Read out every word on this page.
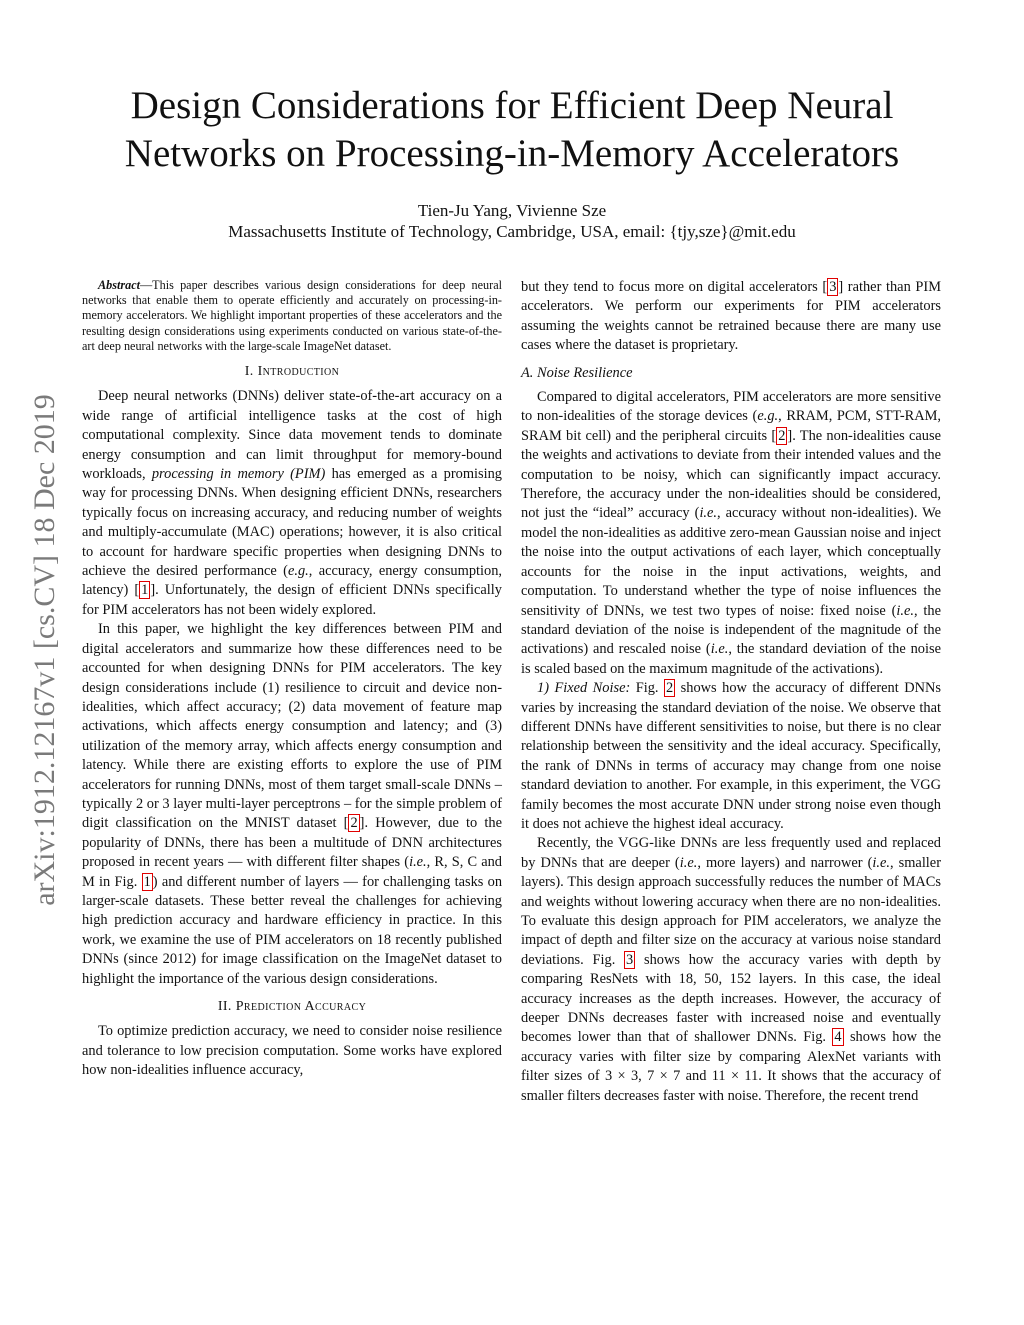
arXiv:1912.12167v1 [cs.CV] 18 Dec 2019
Design Considerations for Efficient Deep Neural
Networks on Processing-in-Memory Accelerators
Tien-Ju Yang, Vivienne Sze
Massachusetts Institute of Technology, Cambridge, USA, email: {tjy,sze}@mit.edu

Abstract—This paper describes various design considerations for deep neural networks that enable them to operate efficiently and accurately on processing-in-memory accelerators. We highlight important properties of these accelerators and the resulting design considerations using experiments conducted on various state-of-the-art deep neural networks with the large-scale ImageNet dataset.

I. Introduction

Deep neural networks (DNNs) deliver state-of-the-art accuracy on a wide range of artificial intelligence tasks at the cost of high computational complexity. Since data movement tends to dominate energy consumption and can limit throughput for memory-bound workloads, processing in memory (PIM) has emerged as a promising way for processing DNNs. When designing efficient DNNs, researchers typically focus on increasing accuracy, and reducing number of weights and multiply-accumulate (MAC) operations; however, it is also critical to account for hardware specific properties when designing DNNs to achieve the desired performance (e.g., accuracy, energy consumption, latency) [ 1 ]. Unfortunately, the design of efficient DNNs specifically for PIM accelerators has not been widely explored.

In this paper, we highlight the key differences between PIM and digital accelerators and summarize how these differences need to be accounted for when designing DNNs for PIM accelerators. The key design considerations include (1) resilience to circuit and device non-idealities, which affect accuracy; (2) data movement of feature map activations, which affects energy consumption and latency; and (3) utilization of the memory array, which affects energy consumption and latency. While there are existing efforts to explore the use of PIM accelerators for running DNNs, most of them target small-scale DNNs – typically 2 or 3 layer multi-layer perceptrons – for the simple problem of digit classification on the MNIST dataset [ 2 ]. However, due to the popularity of DNNs, there has been a multitude of DNN architectures proposed in recent years — with different filter shapes (i.e., R, S, C and M in Fig. 1 ) and different number of layers — for challenging tasks on larger-scale datasets. These better reveal the challenges for achieving high prediction accuracy and hardware efficiency in practice. In this work, we examine the use of PIM accelerators on 18 recently published DNNs (since 2012) for image classification on the ImageNet dataset to highlight the importance of the various design considerations.

II. Prediction Accuracy

To optimize prediction accuracy, we need to consider noise resilience and tolerance to low precision computation. Some works have explored how non-idealities influence accuracy,

but they tend to focus more on digital accelerators [ 3 ] rather than PIM accelerators. We perform our experiments for PIM accelerators assuming the weights cannot be retrained because there are many use cases where the dataset is proprietary.

A. Noise Resilience

Compared to digital accelerators, PIM accelerators are more sensitive to non-idealities of the storage devices (e.g., RRAM, PCM, STT-RAM, SRAM bit cell) and the peripheral circuits [ 2 ]. The non-idealities cause the weights and activations to deviate from their intended values and the computation to be noisy, which can significantly impact accuracy. Therefore, the accuracy under the non-idealities should be considered, not just the “ideal” accuracy (i.e., accuracy without non-idealities). We model the non-idealities as additive zero-mean Gaussian noise and inject the noise into the output activations of each layer, which conceptually accounts for the noise in the input activations, weights, and computation. To understand whether the type of noise influences the sensitivity of DNNs, we test two types of noise: fixed noise (i.e., the standard deviation of the noise is independent of the magnitude of the activations) and rescaled noise (i.e., the standard deviation of the noise is scaled based on the maximum magnitude of the activations).

1) Fixed Noise: Fig. 2 shows how the accuracy of different DNNs varies by increasing the standard deviation of the noise. We observe that different DNNs have different sensitivities to noise, but there is no clear relationship between the sensitivity and the ideal accuracy. Specifically, the rank of DNNs in terms of accuracy may change from one noise standard deviation to another. For example, in this experiment, the VGG family becomes the most accurate DNN under strong noise even though it does not achieve the highest ideal accuracy.

Recently, the VGG-like DNNs are less frequently used and replaced by DNNs that are deeper (i.e., more layers) and narrower (i.e., smaller layers). This design approach successfully reduces the number of MACs and weights without lowering accuracy when there are no non-idealities. To evaluate this design approach for PIM accelerators, we analyze the impact of depth and filter size on the accuracy at various noise standard deviations. Fig. 3 shows how the accuracy varies with depth by comparing ResNets with 18, 50, 152 layers. In this case, the ideal accuracy increases as the depth increases. However, the accuracy of deeper DNNs decreases faster with increased noise and eventually becomes lower than that of shallower DNNs. Fig. 4 shows how the accuracy varies with filter size by comparing AlexNet variants with filter sizes of 3 × 3, 7 × 7 and 11 × 11. It shows that the accuracy of smaller filters decreases faster with noise. Therefore, the recent trend
